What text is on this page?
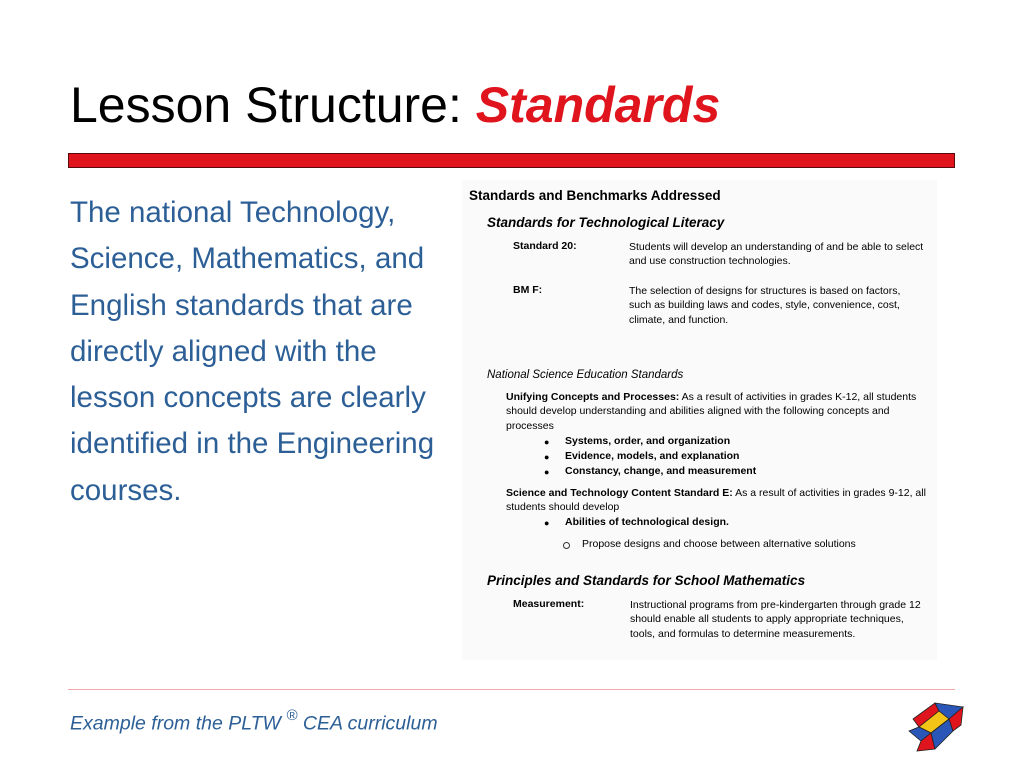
Lesson Structure: Standards

The national Technology, Science, Mathematics, and English standards that are directly aligned with the lesson concepts are clearly identified in the Engineering courses.

Standards and Benchmarks Addressed
Standards for Technological Literacy
Standard 20:	Students will develop an understanding of and be able to select and use construction technologies.
BM F:	The selection of designs for structures is based on factors, such as building laws and codes, style, convenience, cost, climate, and function.
National Science Education Standards
Unifying Concepts and Processes: As a result of activities in grades K-12, all students should develop understanding and abilities aligned with the following concepts and processes
● Systems, order, and organization
● Evidence, models, and explanation
● Constancy, change, and measurement
Science and Technology Content Standard E: As a result of activities in grades 9-12, all students should develop
● Abilities of technological design.
Propose designs and choose between alternative solutions
Principles and Standards for School Mathematics
Measurement:	Instructional programs from pre-kindergarten through grade 12 should enable all students to apply appropriate techniques, tools, and formulas to determine measurements.

Example from the PLTW ® CEA curriculum
